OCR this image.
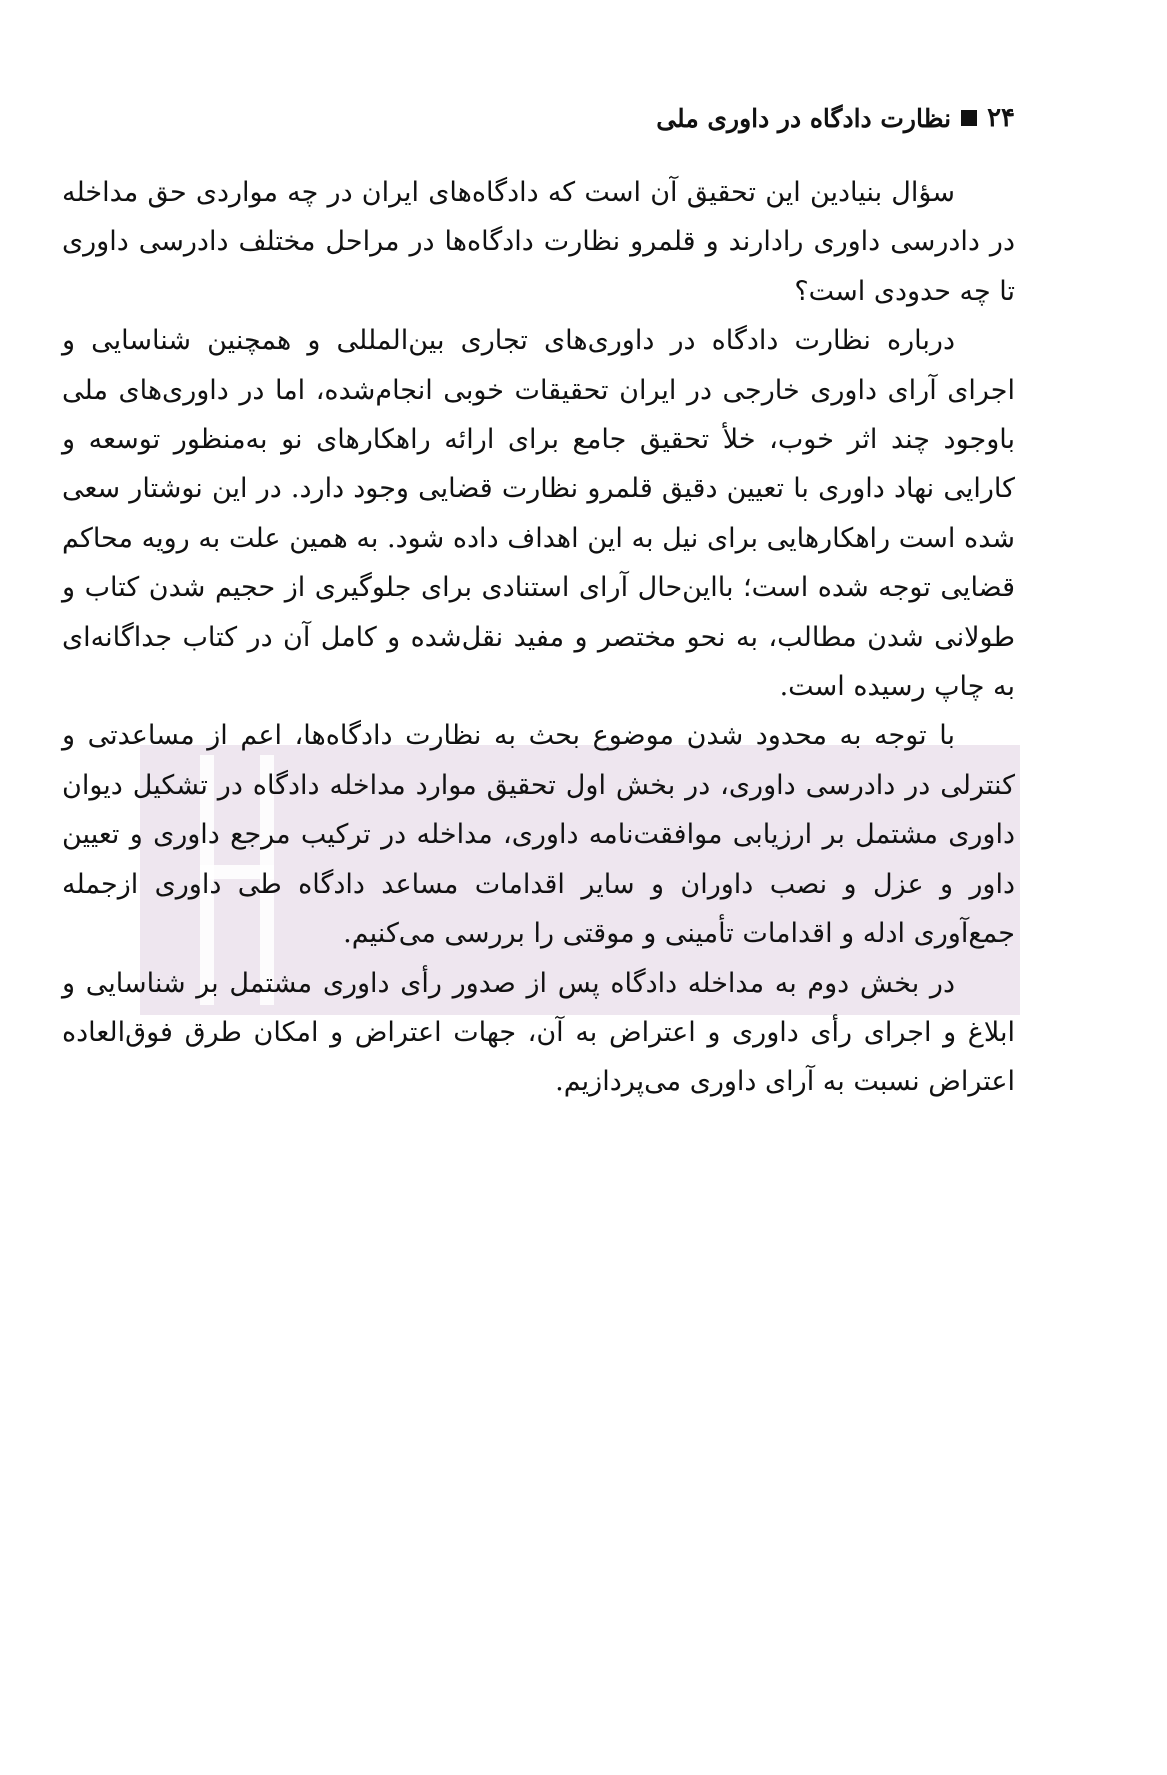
۲۴
نظارت دادگاه در داوری ملی

سؤال بنیادین این تحقیق آن است که دادگاه‌های ایران در چه مواردی حق مداخله در دادرسی داوری رادارند و قلمرو نظارت دادگاه‌ها در مراحل مختلف دادرسی داوری تا چه حدودی است؟

درباره نظارت دادگاه در داوری‌های تجاری بین‌المللی و همچنین شناسایی و اجرای آرای داوری خارجی در ایران تحقیقات خوبی انجام‌شده، اما در داوری‌های ملی باوجود چند اثر خوب، خلأ تحقیق جامع برای ارائه راهکارهای نو به‌منظور توسعه و کارایی نهاد داوری با تعیین دقیق قلمرو نظارت قضایی وجود دارد. در این نوشتار سعی شده است راهکارهایی برای نیل به این اهداف داده شود. به همین علت به رویه محاکم قضایی توجه شده است؛ بااین‌حال آرای استنادی برای جلوگیری از حجیم شدن کتاب و طولانی شدن مطالب، به نحو مختصر و مفید نقل‌شده و کامل آن در کتاب جداگانه‌ای به چاپ رسیده است.

با توجه به محدود شدن موضوع بحث به نظارت دادگاه‌ها، اعم از مساعدتی و کنترلی در دادرسی داوری، در بخش اول تحقیق موارد مداخله دادگاه در تشکیل دیوان داوری مشتمل بر ارزیابی موافقت‌نامه داوری، مداخله در ترکیب مرجع داوری و تعیین داور و عزل و نصب داوران و سایر اقدامات مساعد دادگاه طی داوری ازجمله جمع‌آوری ادله و اقدامات تأمینی و موقتی را بررسی می‌کنیم.

در بخش دوم به مداخله دادگاه پس از صدور رأی داوری مشتمل بر شناسایی و ابلاغ و اجرای رأی داوری و اعتراض به آن، جهات اعتراض و امکان طرق فوق‌العاده اعتراض نسبت به آرای داوری می‌پردازیم.
